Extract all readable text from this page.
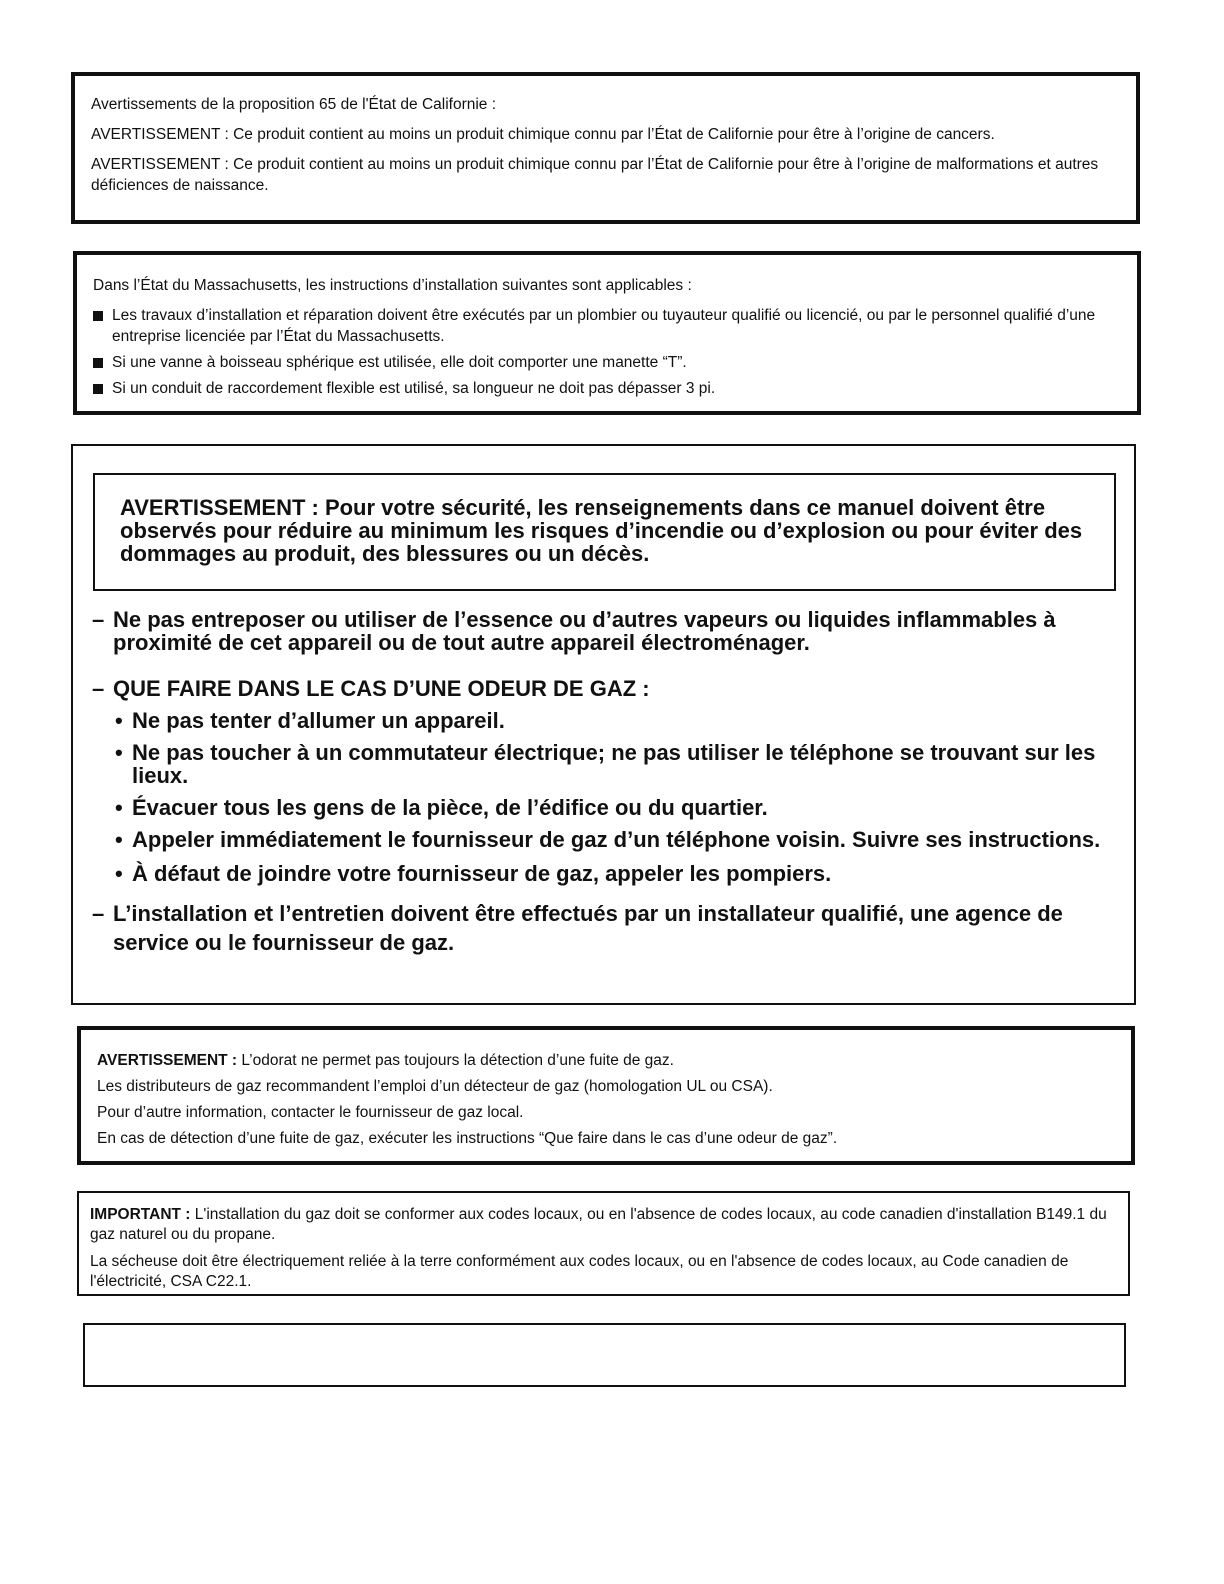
Avertissements de la proposition 65 de l'État de Californie :

AVERTISSEMENT : Ce produit contient au moins un produit chimique connu par l’État de Californie pour être à l’origine de cancers.

AVERTISSEMENT : Ce produit contient au moins un produit chimique connu par l’État de Californie pour être à l’origine de malformations et autres déficiences de naissance.

Dans l’État du Massachusetts, les instructions d’installation suivantes sont applicables :

Les travaux d’installation et réparation doivent être exécutés par un plombier ou tuyauteur qualifié ou licencié, ou par le personnel qualifié d’une entreprise licenciée par l’État du Massachusetts.
Si une vanne à boisseau sphérique est utilisée, elle doit comporter une manette “T”.
Si un conduit de raccordement flexible est utilisé, sa longueur ne doit pas dépasser 3 pi.

AVERTISSEMENT : Pour votre sécurité, les renseignements dans ce manuel doivent être observés pour réduire au minimum les risques d’incendie ou d’explosion ou pour éviter des dommages au produit, des blessures ou un décès.

– Ne pas entreposer ou utiliser de l’essence ou d’autres vapeurs ou liquides inflammables à proximité de cet appareil ou de tout autre appareil électroménager.

– QUE FAIRE DANS LE CAS D’UNE ODEUR DE GAZ :

• Ne pas tenter d’allumer un appareil.

• Ne pas toucher à un commutateur électrique; ne pas utiliser le téléphone se trouvant sur les lieux.

• Évacuer tous les gens de la pièce, de l’édifice ou du quartier.

• Appeler immédiatement le fournisseur de gaz d’un téléphone voisin. Suivre ses instructions.

• À défaut de joindre votre fournisseur de gaz, appeler les pompiers.

– L’installation et l’entretien doivent être effectués par un installateur qualifié, une agence de service ou le fournisseur de gaz.

AVERTISSEMENT : L’odorat ne permet pas toujours la détection d’une fuite de gaz.

Les distributeurs de gaz recommandent l’emploi d’un détecteur de gaz (homologation UL ou CSA).

Pour d’autre information, contacter le fournisseur de gaz local.

En cas de détection d’une fuite de gaz, exécuter les instructions “Que faire dans le cas d’une odeur de gaz”.

IMPORTANT : L'installation du gaz doit se conformer aux codes locaux, ou en l'absence de codes locaux, au code canadien d'installation B149.1 du gaz naturel ou du propane.

La sécheuse doit être électriquement reliée à la terre conformément aux codes locaux, ou en l'absence de codes locaux, au Code canadien de l'électricité, CSA C22.1.
